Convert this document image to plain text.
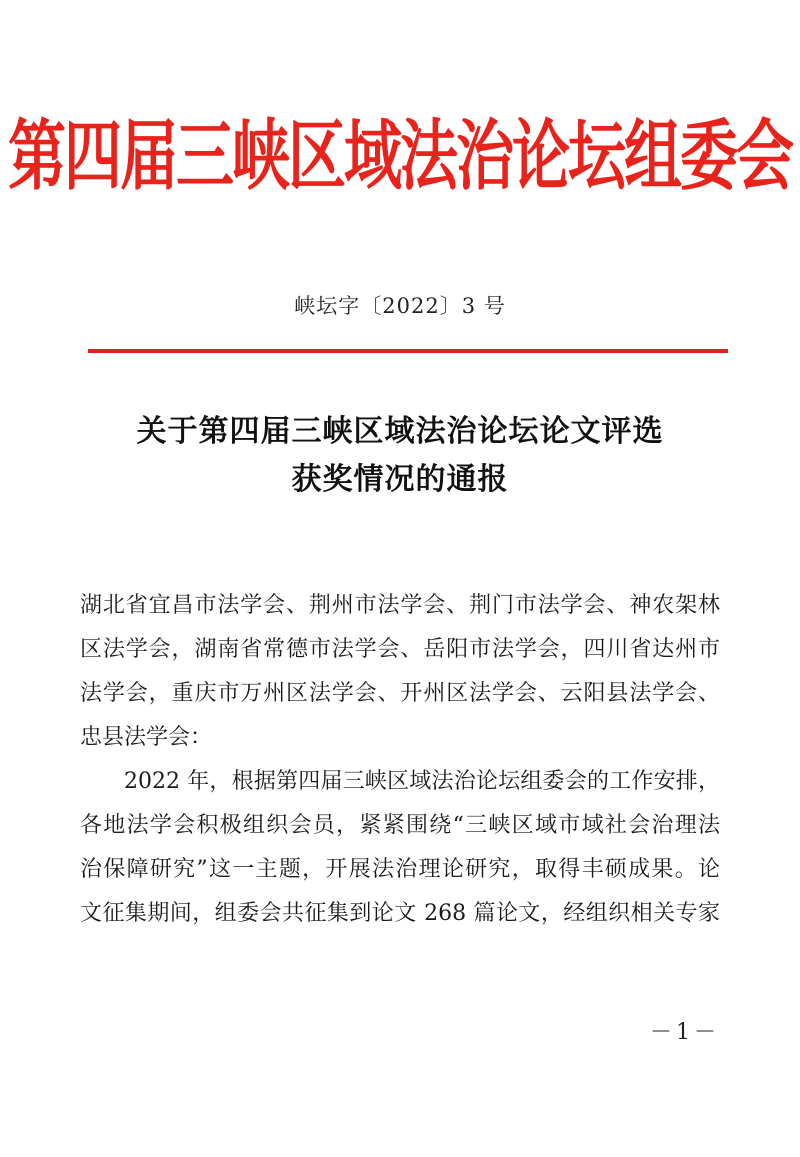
第四届三峡区域法治论坛组委会
峡坛字〔2022〕3 号
关于第四届三峡区域法治论坛论文评选
获奖情况的通报
湖北省宜昌市法学会、荆州市法学会、荆门市法学会、神农架林
区法学会，湖南省常德市法学会、岳阳市法学会，四川省达州市
法学会，重庆市万州区法学会、开州区法学会、云阳县法学会、
忠县法学会：
2022 年，根据第四届三峡区域法治论坛组委会的工作安排，
各地法学会积极组织会员，紧紧围绕“三峡区域市域社会治理法
治保障研究”这一主题，开展法治理论研究，取得丰硕成果。论
文征集期间，组委会共征集到论文 268 篇论文，经组织相关专家
－1－
